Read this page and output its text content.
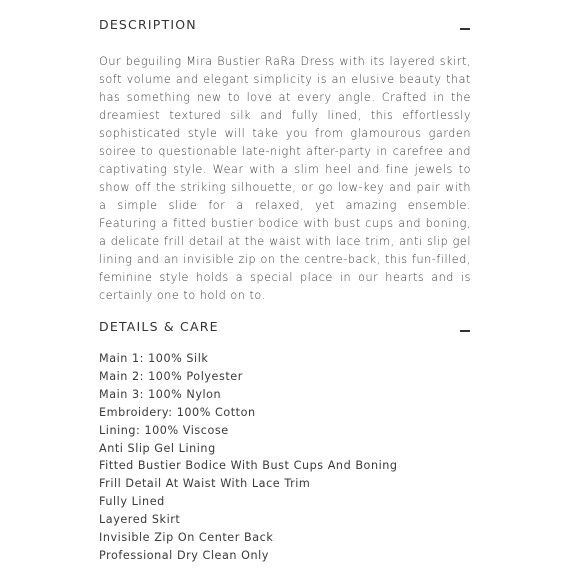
DESCRIPTION

Our beguiling Mira Bustier RaRa Dress with its layered skirt, soft volume and elegant simplicity is an elusive beauty that has something new to love at every angle. Crafted in the dreamiest textured silk and fully lined, this effortlessly sophisticated style will take you from glamourous garden soiree to questionable late-night after-party in carefree and captivating style. Wear with a slim heel and fine jewels to show off the striking silhouette, or go low-key and pair with a simple slide for a relaxed, yet amazing ensemble. Featuring a fitted bustier bodice with bust cups and boning, a delicate frill detail at the waist with lace trim, anti slip gel lining and an invisible zip on the centre-back, this fun-filled, feminine style holds a special place in our hearts and is certainly one to hold on to.

DETAILS & CARE
Main 1: 100% Silk
Main 2: 100% Polyester
Main 3: 100% Nylon
Embroidery: 100% Cotton
Lining: 100% Viscose
Anti Slip Gel Lining
Fitted Bustier Bodice With Bust Cups And Boning
Frill Detail At Waist With Lace Trim
Fully Lined
Layered Skirt
Invisible Zip On Center Back
Professional Dry Clean Only
